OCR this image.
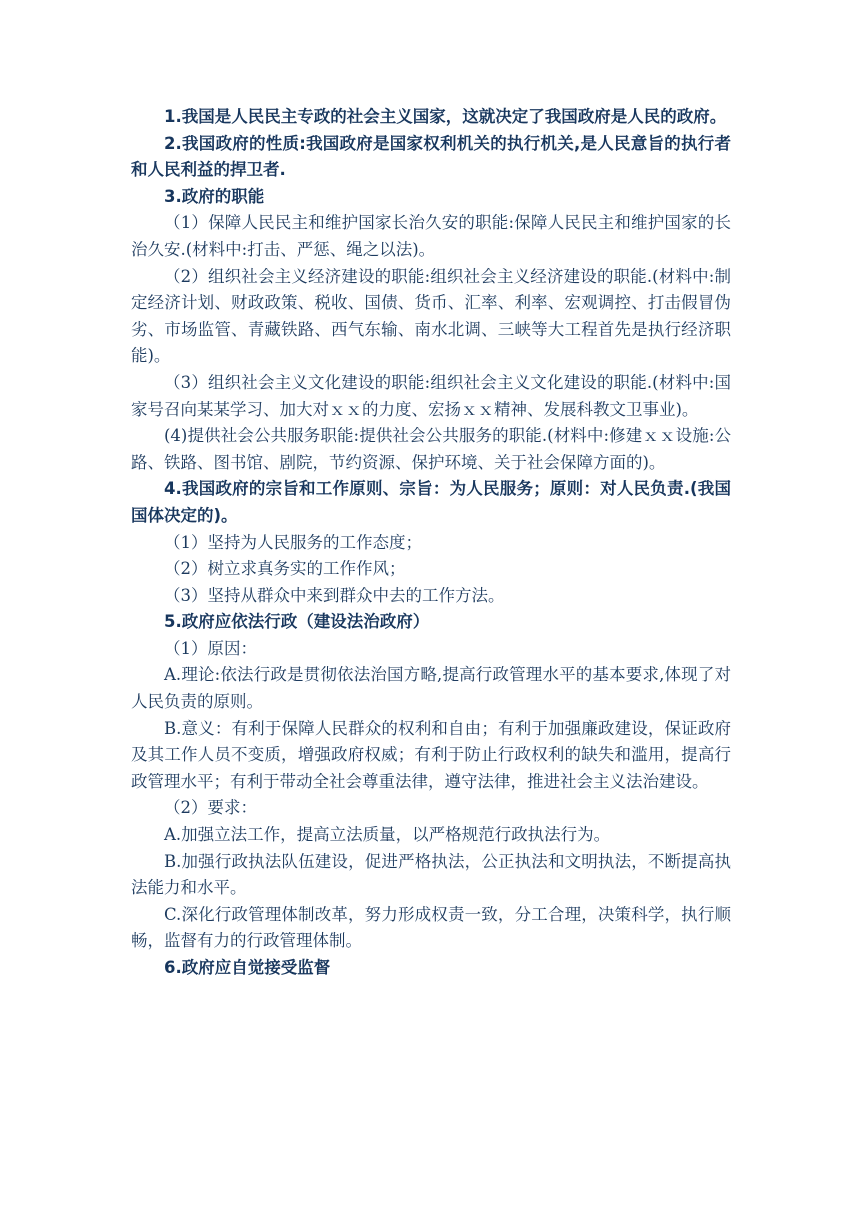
1.我国是人民民主专政的社会主义国家，这就决定了我国政府是人民的政府。

2.我国政府的性质:我国政府是国家权利机关的执行机关,是人民意旨的执行者和人民利益的捍卫者.

3.政府的职能

（1）保障人民民主和维护国家长治久安的职能:保障人民民主和维护国家的长治久安.(材料中:打击、严惩、绳之以法)。

（2）组织社会主义经济建设的职能:组织社会主义经济建设的职能.(材料中:制定经济计划、财政政策、税收、国债、货币、汇率、利率、宏观调控、打击假冒伪劣、市场监管、青藏铁路、西气东输、南水北调、三峡等大工程首先是执行经济职能)。

（3）组织社会主义文化建设的职能:组织社会主义文化建设的职能.(材料中:国家号召向某某学习、加大对ｘｘ的力度、宏扬ｘｘ精神、发展科教文卫事业)。

(4)提供社会公共服务职能:提供社会公共服务的职能.(材料中:修建ｘｘ设施:公路、铁路、图书馆、剧院，节约资源、保护环境、关于社会保障方面的)。

4.我国政府的宗旨和工作原则、宗旨：为人民服务；原则：对人民负责.(我国国体决定的)。

（1）坚持为人民服务的工作态度；

（2）树立求真务实的工作作风；

（3）坚持从群众中来到群众中去的工作方法。

5.政府应依法行政（建设法治政府）

（1）原因：

A.理论:依法行政是贯彻依法治国方略,提高行政管理水平的基本要求,体现了对人民负责的原则。

B.意义：有利于保障人民群众的权利和自由；有利于加强廉政建设，保证政府及其工作人员不变质，增强政府权威；有利于防止行政权利的缺失和滥用，提高行政管理水平；有利于带动全社会尊重法律，遵守法律，推进社会主义法治建设。

（2）要求：

A.加强立法工作，提高立法质量，以严格规范行政执法行为。

B.加强行政执法队伍建设，促进严格执法，公正执法和文明执法，不断提高执法能力和水平。

C.深化行政管理体制改革，努力形成权责一致，分工合理，决策科学，执行顺畅，监督有力的行政管理体制。

6.政府应自觉接受监督
